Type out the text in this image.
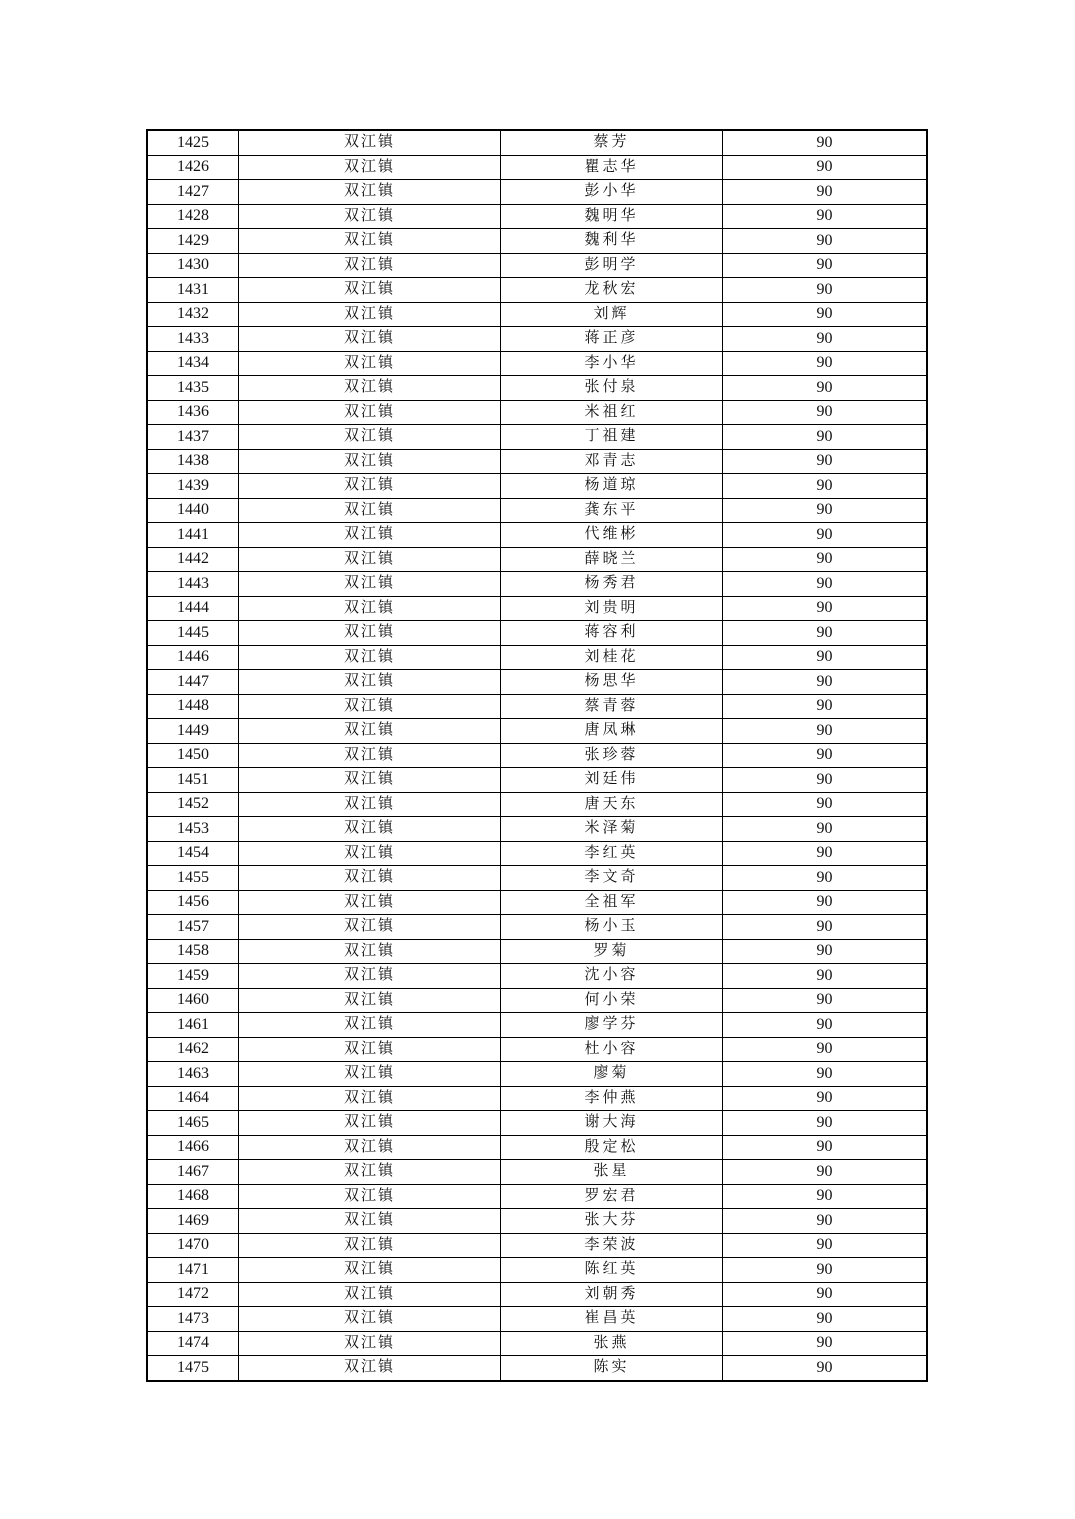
1425	双江镇	蔡芳	90
1426	双江镇	瞿志华	90
1427	双江镇	彭小华	90
1428	双江镇	魏明华	90
1429	双江镇	魏利华	90
1430	双江镇	彭明学	90
1431	双江镇	龙秋宏	90
1432	双江镇	刘辉	90
1433	双江镇	蒋正彦	90
1434	双江镇	李小华	90
1435	双江镇	张付泉	90
1436	双江镇	米祖红	90
1437	双江镇	丁祖建	90
1438	双江镇	邓青志	90
1439	双江镇	杨道琼	90
1440	双江镇	龚东平	90
1441	双江镇	代维彬	90
1442	双江镇	薛晓兰	90
1443	双江镇	杨秀君	90
1444	双江镇	刘贵明	90
1445	双江镇	蒋容利	90
1446	双江镇	刘桂花	90
1447	双江镇	杨思华	90
1448	双江镇	蔡青蓉	90
1449	双江镇	唐凤琳	90
1450	双江镇	张珍蓉	90
1451	双江镇	刘廷伟	90
1452	双江镇	唐天东	90
1453	双江镇	米泽菊	90
1454	双江镇	李红英	90
1455	双江镇	李文奇	90
1456	双江镇	全祖军	90
1457	双江镇	杨小玉	90
1458	双江镇	罗菊	90
1459	双江镇	沈小容	90
1460	双江镇	何小荣	90
1461	双江镇	廖学芬	90
1462	双江镇	杜小容	90
1463	双江镇	廖菊	90
1464	双江镇	李仲燕	90
1465	双江镇	谢大海	90
1466	双江镇	殷定松	90
1467	双江镇	张星	90
1468	双江镇	罗宏君	90
1469	双江镇	张大芬	90
1470	双江镇	李荣波	90
1471	双江镇	陈红英	90
1472	双江镇	刘朝秀	90
1473	双江镇	崔昌英	90
1474	双江镇	张燕	90
1475	双江镇	陈实	90
